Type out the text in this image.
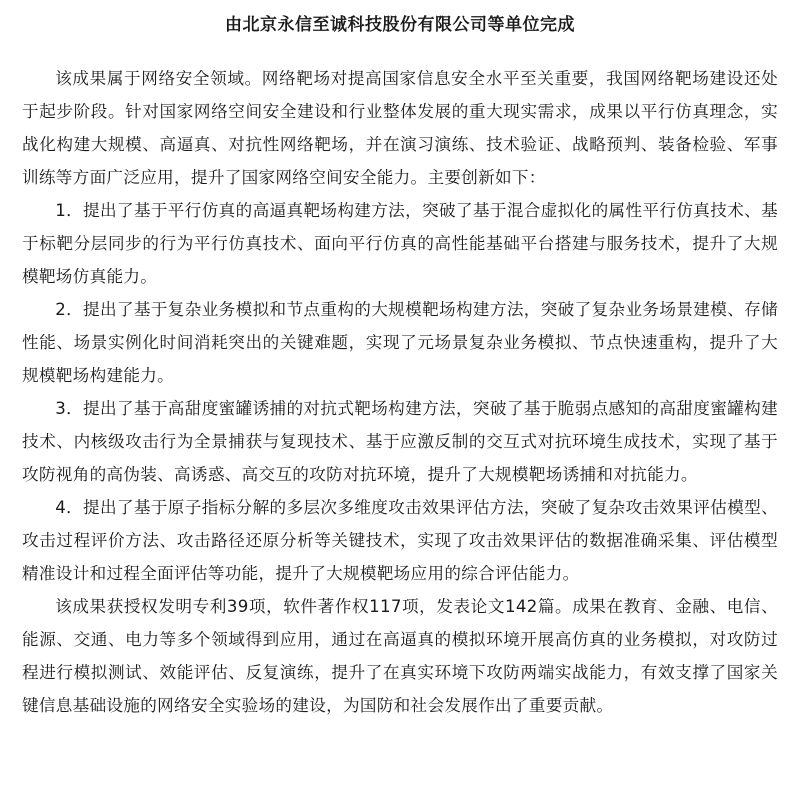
由北京永信至诚科技股份有限公司等单位完成

该成果属于网络安全领域。网络靶场对提高国家信息安全水平至关重要，我国网络靶场建设还处于起步阶段。针对国家网络空间安全建设和行业整体发展的重大现实需求，成果以平行仿真理念，实战化构建大规模、高逼真、对抗性网络靶场，并在演习演练、技术验证、战略预判、装备检验、军事训练等方面广泛应用，提升了国家网络空间安全能力。主要创新如下：

1．提出了基于平行仿真的高逼真靶场构建方法，突破了基于混合虚拟化的属性平行仿真技术、基于标靶分层同步的行为平行仿真技术、面向平行仿真的高性能基础平台搭建与服务技术，提升了大规模靶场仿真能力。

2．提出了基于复杂业务模拟和节点重构的大规模靶场构建方法，突破了复杂业务场景建模、存储性能、场景实例化时间消耗突出的关键难题，实现了元场景复杂业务模拟、节点快速重构，提升了大规模靶场构建能力。

3．提出了基于高甜度蜜罐诱捕的对抗式靶场构建方法，突破了基于脆弱点感知的高甜度蜜罐构建技术、内核级攻击行为全景捕获与复现技术、基于应激反制的交互式对抗环境生成技术，实现了基于攻防视角的高伪装、高诱惑、高交互的攻防对抗环境，提升了大规模靶场诱捕和对抗能力。

4．提出了基于原子指标分解的多层次多维度攻击效果评估方法，突破了复杂攻击效果评估模型、攻击过程评价方法、攻击路径还原分析等关键技术，实现了攻击效果评估的数据准确采集、评估模型精准设计和过程全面评估等功能，提升了大规模靶场应用的综合评估能力。

该成果获授权发明专利39项，软件著作权117项，发表论文142篇。成果在教育、金融、电信、能源、交通、电力等多个领域得到应用，通过在高逼真的模拟环境开展高仿真的业务模拟，对攻防过程进行模拟测试、效能评估、反复演练，提升了在真实环境下攻防两端实战能力，有效支撑了国家关键信息基础设施的网络安全实验场的建设，为国防和社会发展作出了重要贡献。
